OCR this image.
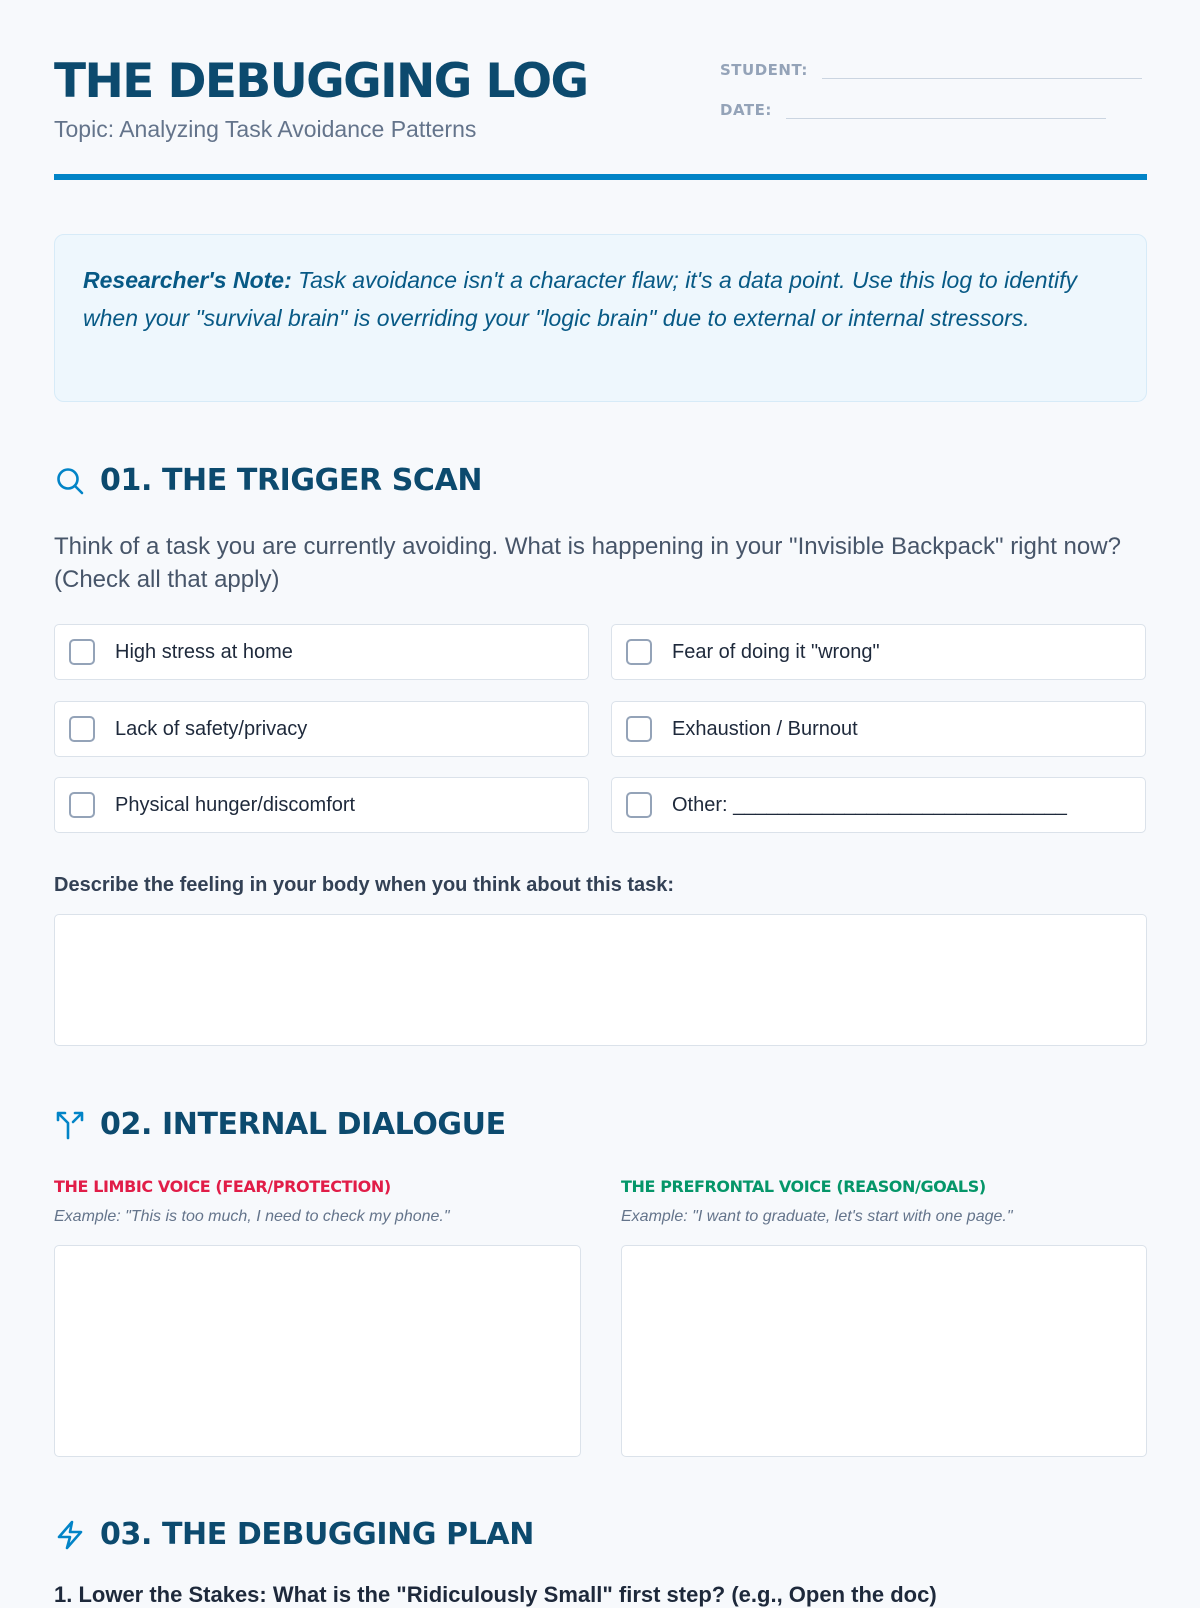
THE DEBUGGING LOG
Topic: Analyzing Task Avoidance Patterns
STUDENT:
DATE:
Researcher's Note: Task avoidance isn't a character flaw; it's a data point. Use this log to identify when your "survival brain" is overriding your "logic brain" due to external or internal stressors.
01. THE TRIGGER SCAN
Think of a task you are currently avoiding. What is happening in your "Invisible Backpack" right now? (Check all that apply)
High stress at home	Fear of doing it "wrong"
Lack of safety/privacy	Exhaustion / Burnout
Physical hunger/discomfort	Other: ______________________________
Describe the feeling in your body when you think about this task:
02. INTERNAL DIALOGUE
THE LIMBIC VOICE (FEAR/PROTECTION)
Example: "This is too much, I need to check my phone."
THE PREFRONTAL VOICE (REASON/GOALS)
Example: "I want to graduate, let's start with one page."
03. THE DEBUGGING PLAN
1. Lower the Stakes: What is the "Ridiculously Small" first step? (e.g., Open the doc)
